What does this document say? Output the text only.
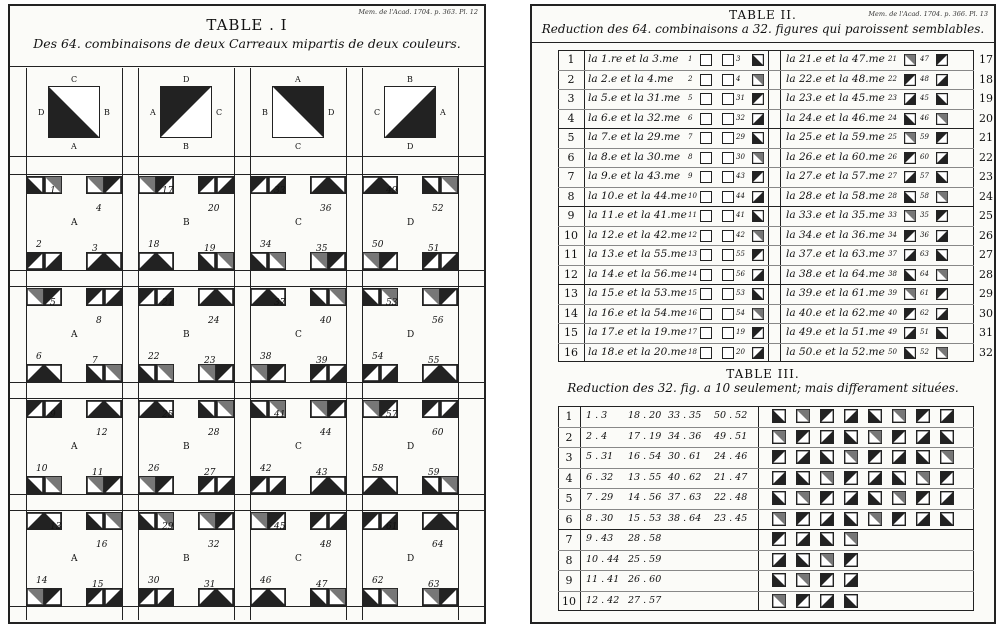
Mem. de l'Acad. 1704. p. 363. Pl. 12
TABLE . I
Des 64. combinaisons de deux Carreaux mipartis de deux couleurs.
C
D	B
A
D
A	C
B
A
B	D
C
B
C	A
D
1
4
2	3
A
17
20
18	19
B
33
36
34	35
C
49
52
50	51
D
5
8
6	7
A
21
24
22	23
B
37
40
38	39
C
53
56
54	55
D
9
12
10	11
A
25
28
26	27
B
41
44
42	43
C
57
60
58	59
D
13
16
14	15
A
29
32
30	31
B
45
48
46	47
C
61
64
62	63
D
Mem. de l'Acad. 1704. p. 366. Pl. 13
TABLE II.
Reduction des 64. combinaisons a 32. figures qui paroissent semblables.
1	la 1.re et la 3.me 1	3	la 21.e et la 47.me 21	47	17
2	la 2.e et la 4.me 2	4	la 22.e et la 48.me 22	48	18
3	la 5.e et la 31.me 5	31	la 23.e et la 45.me 23	45	19
4	la 6.e et la 32.me 6	32	la 24.e et la 46.me 24	46	20
5	la 7.e et la 29.me 7	29	la 25.e et la 59.me 25	59	21
6	la 8.e et la 30.me 8	30	la 26.e et la 60.me 26	60	22
7	la 9.e et la 43.me 9	43	la 27.e et la 57.me 27	57	23
8	la 10.e et la 44.me 10	44	la 28.e et la 58.me 28	58	24
9	la 11.e et la 41.me 11	41	la 33.e et la 35.me 33	35	25
10 la 12.e et la 42.me 12	42	la 34.e et la 36.me 34	36	26
11 la 13.e et la 55.me 13	55	la 37.e et la 63.me 37	63	27
12 la 14.e et la 56.me 14	56	la 38.e et la 64.me 38	64	28
13 la 15.e et la 53.me 15	53	la 39.e et la 61.me 39	61	29
14 la 16.e et la 54.me 16	54	la 40.e et la 62.me 40	62	30
15 la 17.e et la 19.me 17	19	la 49.e et la 51.me 49	51	31
16 la 18.e et la 20.me 18	20	la 50.e et la 52.me 50	52	32
TABLE III.
Reduction des 32. fig. a 10 seulement; mais differament situées.
1	1 . 3 18 . 20 33 . 35 50 . 52
2	2 . 4 17 . 19 34 . 36 49 . 51
3	5 . 31 16 . 54 30 . 61 24 . 46
4	6 . 32 13 . 55 40 . 62 21 . 47
5	7 . 29 14 . 56 37 . 63 22 . 48
6	8 . 30 15 . 53 38 . 64 23 . 45
7	9 . 43 28 . 58
8	10 . 44 25 . 59
9	11 . 41 26 . 60
10	12 . 42 27 . 57
